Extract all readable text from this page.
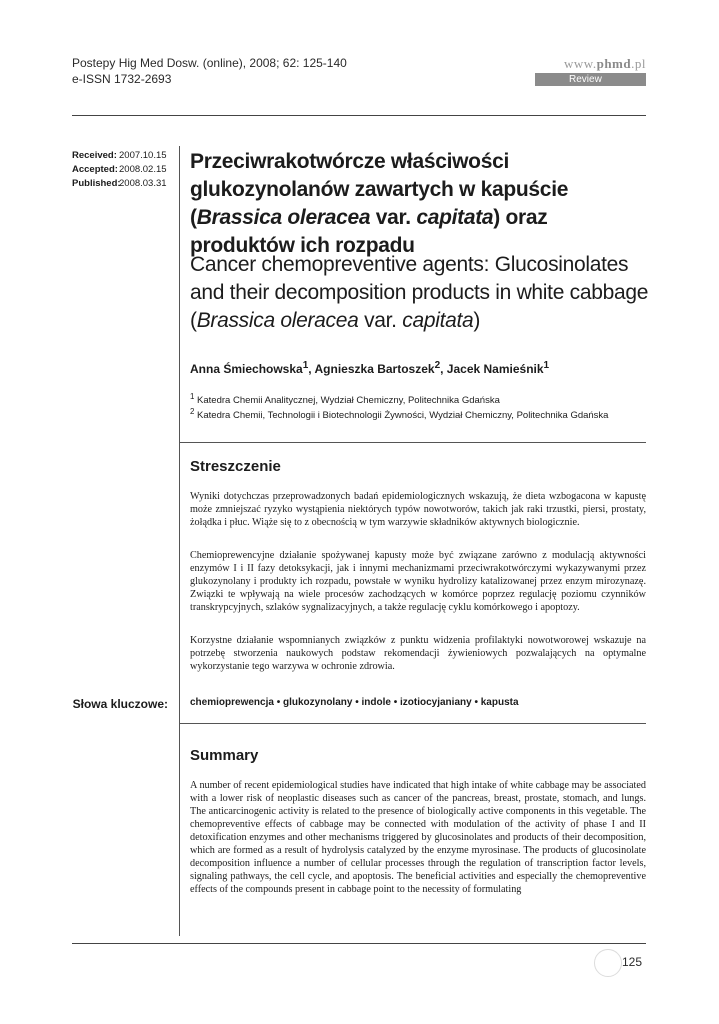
Postepy Hig Med Dosw. (online), 2008; 62: 125-140
e-ISSN 1732-2693
www.phmd.pl
Review
Received: 2007.10.15
Accepted: 2008.02.15
Published:
2008.03.31
Przeciwrakotwórcze właściwości glukozynolanów zawartych w kapuście (Brassica oleracea var. capitata) oraz produktów ich rozpadu
Cancer chemopreventive agents: Glucosinolates and their decomposition products in white cabbage (Brassica oleracea var. capitata)
Anna Śmiechowska$^1$, Agnieszka Bartoszek$^2$, Jacek Namieśnik$^1$
$^1$ Katedra Chemii Analitycznej, Wydział Chemiczny, Politechnika Gdańska
$^2$ Katedra Chemii, Technologii i Biotechnologii Żywności, Wydział Chemiczny, Politechnika Gdańska
Streszczenie
Wyniki dotychczas przeprowadzonych badań epidemiologicznych wskazują, że dieta wzbogacona w kapustę może zmniejszać ryzyko wystąpienia niektórych typów nowotworów, takich jak raki trzustki, piersi, prostaty, żołądka i płuc. Wiąże się to z obecnością w tym warzywie składników aktywnych biologicznie.
Chemioprewencyjne działanie spożywanej kapusty może być związane zarówno z modulacją aktywności enzymów I i II fazy detoksykacji, jak i innymi mechanizmami przeciwrakotwórczymi wykazywanymi przez glukozynolany i produkty ich rozpadu, powstałe w wyniku hydrolizy katalizowanej przez enzym mirozynazę. Związki te wpływają na wiele procesów zachodzących w komórce poprzez regulację poziomu czynników transkrypcyjnych, szlaków sygnalizacyjnych, a także regulację cyklu komórkowego i apoptozy.
Korzystne działanie wspomnianych związków z punktu widzenia profilaktyki nowotworowej wskazuje na potrzebę stworzenia naukowych podstaw rekomendacji żywieniowych pozwalających na optymalne wykorzystanie tego warzywa w ochronie zdrowia.
Słowa kluczowe: chemioprewencja • glukozynolany • indole • izotiocyjaniany • kapusta
Summary
A number of recent epidemiological studies have indicated that high intake of white cabbage may be associated with a lower risk of neoplastic diseases such as cancer of the pancreas, breast, prostate, stomach, and lungs. The anticarcinogenic activity is related to the presence of biologically active components in this vegetable. The chemopreventive effects of cabbage may be connected with modulation of the activity of phase I and II detoxification enzymes and other mechanisms triggered by glucosinolates and products of their decomposition, which are formed as a result of hydrolysis catalyzed by the enzyme myrosinase. The products of glucosinolate decomposition influence a number of cellular processes through the regulation of transcription factor levels, signaling pathways, the cell cycle, and apoptosis. The beneficial activities and especially the chemopreventive effects of the compounds present in cabbage point to the necessity of formulating
125
